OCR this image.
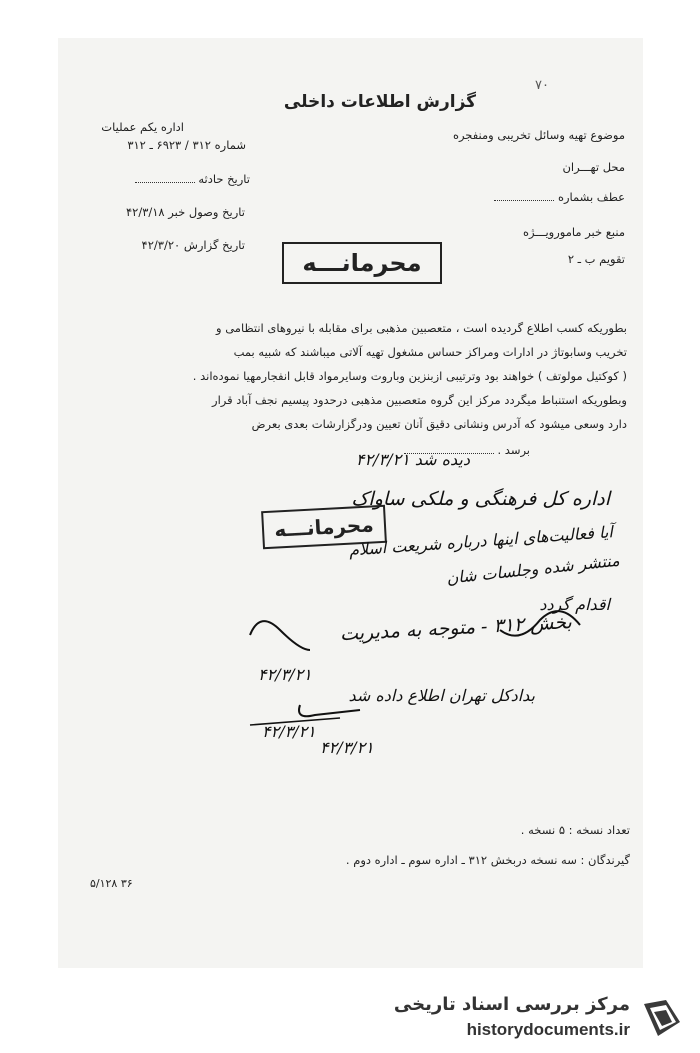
۷۰
گزارش اطلاعات داخلی
اداره یکم عملیات
شماره ۳۱۲ / ۶۹۲۳ ـ ۳۱۲
تاریخ حادثه
تاریخ وصول خبر ۴۲/۳/۱۸
تاریخ گزارش ۴۲/۳/۲۰
موضوع تهیه وسائل تخریبی ومنفجره
محل تهـــران
عطف بشماره
منبع خبر مامورویـــژه
تقویم ب ـ ۲
محرمانـــه
بطوریکه کسب اطلاع گردیده است ، متعصبین مذهبی برای مقابله با نیروهای انتظامی و
تخریب وسابوتاژ در ادارات ومراکز حساس مشغول تهیه آلاتی میباشند که شبیه بمب
( کوکتیل مولوتف ) خواهند بود وترتیبی ازبنزین وباروت وسایرمواد قابل انفجارمهیا نموده‌اند .
وبطوریکه استنباط میگردد مرکز این گروه متعصبین مذهبی درحدود پیسیم نجف آباد قرار
دارد وسعی میشود که آدرس ونشانی دقیق آنان تعیین ودرگزارشات بعدی بعرض
برسد .
دیده شد ۴۲/۳/۲۱
اداره کل فرهنگی و ملکی ساواک
محرمانـــه
آیا فعالیت‌های اینها درباره شریعت اسلام
منتشر شده وجلسات شان
اقدام گردد
بخش ۳۱۲ - متوجه به مدیریت
۴۲/۳/۲۱
بدادکل تهران اطلاع داده شد
۴۲/۳/۲۱
۴۲/۳/۲۱
تعداد نسخه : ۵ نسخه .
گیرندگان : سه نسخه دربخش ۳۱۲ ـ اداره سوم ـ اداره دوم .
۵/۱۲۸ ۳۶
مرکز بررسی اسناد تاریخی
historydocuments.ir
